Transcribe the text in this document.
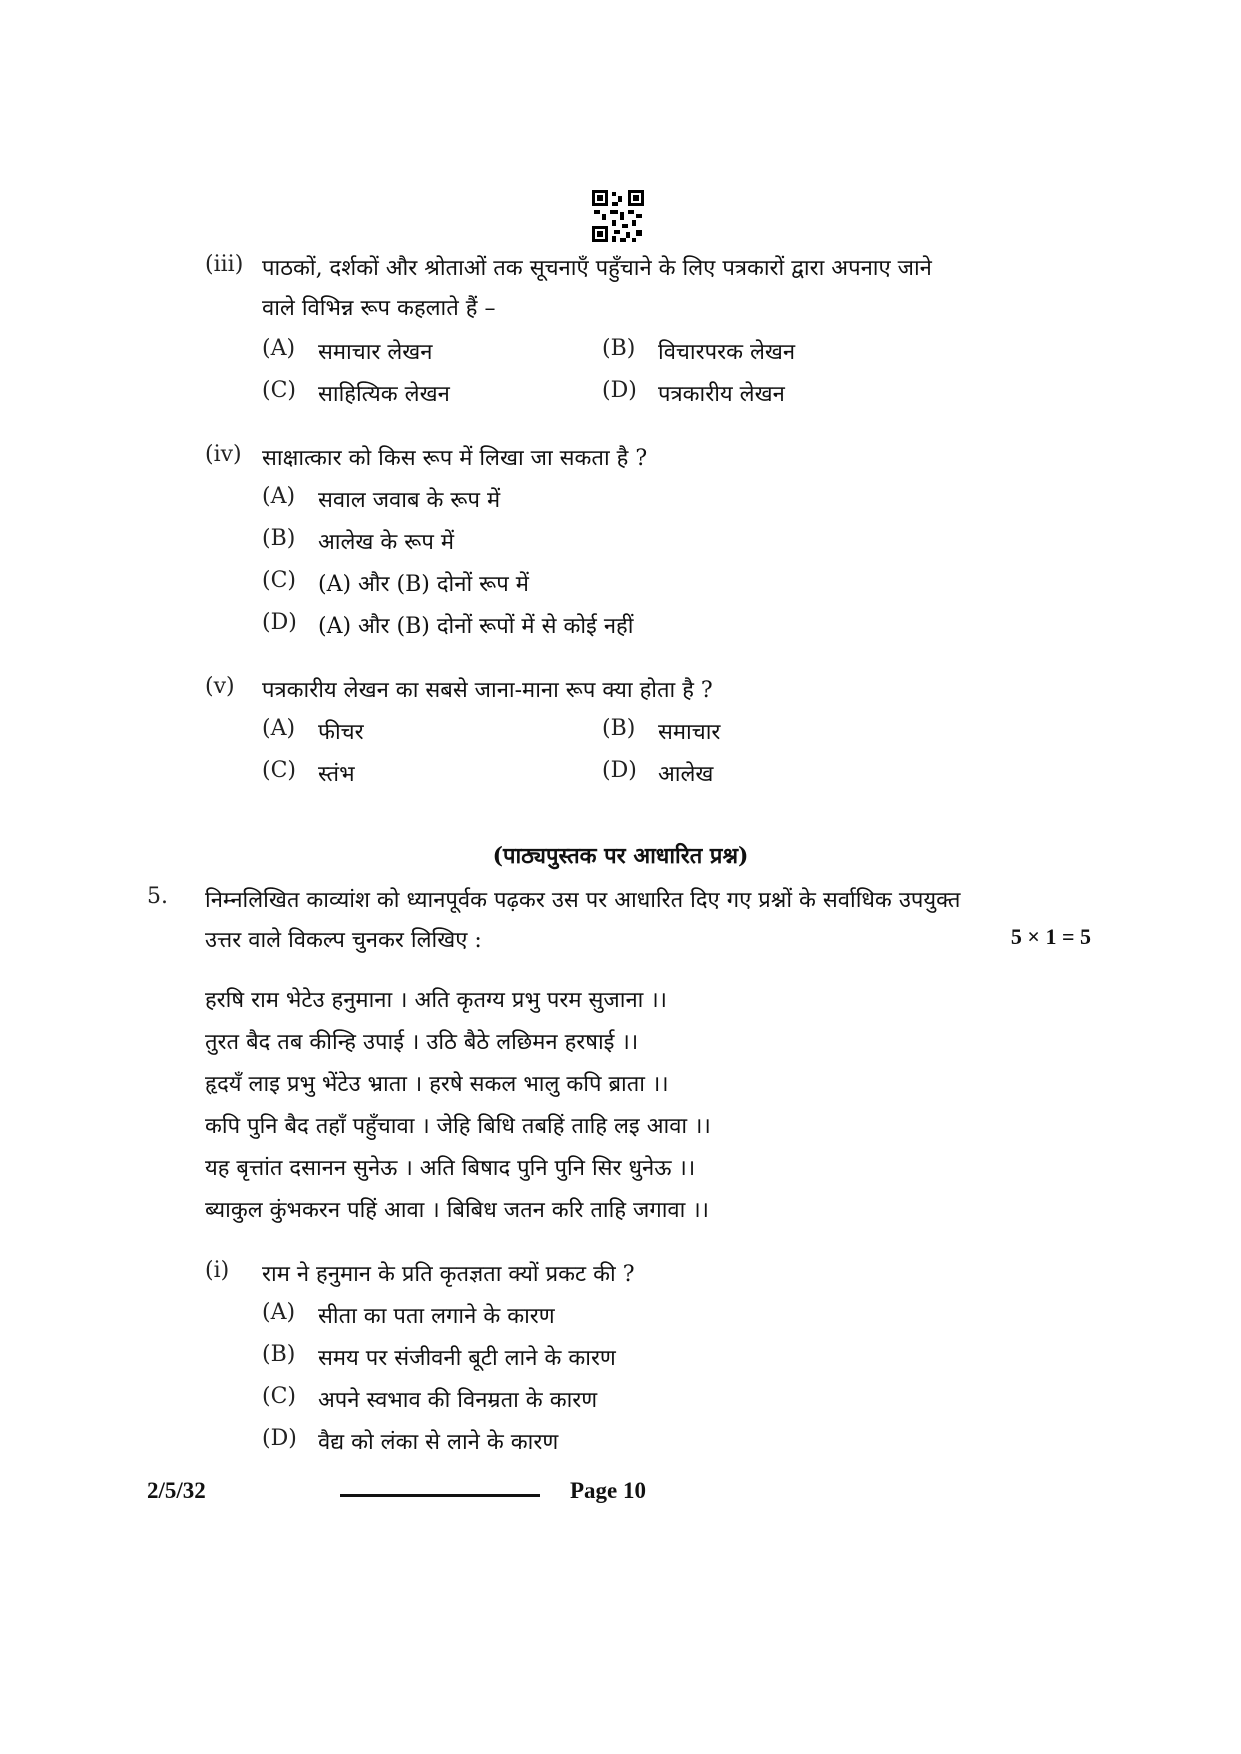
(iii) पाठकों, दर्शकों और श्रोताओं तक सूचनाएँ पहुँचाने के लिए पत्रकारों द्वारा अपनाए जाने
वाले विभिन्न रूप कहलाते हैं –
(A) समाचार लेखन	(B) विचारपरक लेखन
(C) साहित्यिक लेखन	(D) पत्रकारीय लेखन
(iv) साक्षात्कार को किस रूप में लिखा जा सकता है ?
(A) सवाल जवाब के रूप में
(B) आलेख के रूप में
(C) (A) और (B) दोनों रूप में
(D) (A) और (B) दोनों रूपों में से कोई नहीं
(v) पत्रकारीय लेखन का सबसे जाना-माना रूप क्या होता है ?
(A) फीचर	(B) समाचार
(C) स्तंभ	(D) आलेख
(पाठ्यपुस्तक पर आधारित प्रश्न)
5. निम्नलिखित काव्यांश को ध्यानपूर्वक पढ़कर उस पर आधारित दिए गए प्रश्नों के सर्वाधिक उपयुक्त
उत्तर वाले विकल्प चुनकर लिखिए :	5 × 1 = 5
हरषि राम भेटेउ हनुमाना । अति कृतग्य प्रभु परम सुजाना ।।
तुरत बैद तब कीन्हि उपाई । उठि बैठे लछिमन हरषाई ।।
हृदयँ लाइ प्रभु भेंटेउ भ्राता । हरषे सकल भालु कपि ब्राता ।।
कपि पुनि बैद तहाँ पहुँचावा । जेहि बिधि तबहिं ताहि लइ आवा ।।
यह बृत्तांत दसानन सुनेऊ । अति बिषाद पुनि पुनि सिर धुनेऊ ।।
ब्याकुल कुंभकरन पहिं आवा । बिबिध जतन करि ताहि जगावा ।।
(i) राम ने हनुमान के प्रति कृतज्ञता क्यों प्रकट की ?
(A) सीता का पता लगाने के कारण
(B) समय पर संजीवनी बूटी लाने के कारण
(C) अपने स्वभाव की विनम्रता के कारण
(D) वैद्य को लंका से लाने के कारण
2/5/32	Page 10
